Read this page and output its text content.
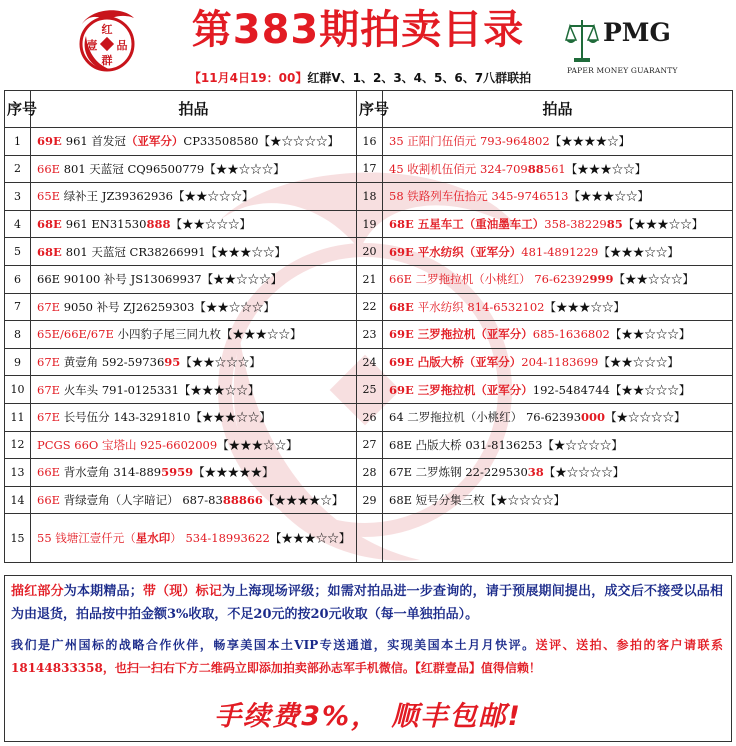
红
壹 品
群
第383期拍卖目录
【11月4日19：00】红群V、1、2、3、4、5、6、7八群联拍
PMG
PAPER MONEY GUARANTY
序号	拍品	序号	拍品
1	69E 961 首发冠（亚军分）CP33508580【★☆☆☆☆】	16	35 正阳门伍佰元 793-964802【★★★★☆】
2	66E 801 天蓝冠 CQ96500779【★★☆☆☆】	17	45 收割机伍佰元 324-70988561【★★★☆☆】
3	65E 绿补王 JZ39362936【★★☆☆☆】	18	58 铁路列车伍拾元 345-9746513【★★★☆☆】
4	68E 961 EN31530888【★★☆☆☆】	19	68E 五星车工（重油墨车工）358-3822985【★★★☆☆】
5	68E 801 天蓝冠 CR38266991【★★★☆☆】	20	69E 平水纺织（亚军分）481-4891229【★★★☆☆】
6	66E 90100 补号 JS13069937【★★☆☆☆】	21	66E 二罗拖拉机（小桃红） 76-62392999【★★☆☆☆】
7	67E 9050 补号 ZJ26259303【★★☆☆☆】	22	68E 平水纺织 814-6532102【★★★☆☆】
8	65E/66E/67E 小四豹子尾三同九枚【★★★☆☆】	23	69E 三罗拖拉机（亚军分）685-1636802【★★☆☆☆】
9	67E 黄壹角 592-5973695【★★☆☆☆】	24	69E 凸版大桥（亚军分）204-1183699【★★☆☆☆】
10	67E 火车头 791-0125331【★★★☆☆】	25	69E 三罗拖拉机（亚军分）192-5484744【★★☆☆☆】
11	67E 长号伍分 143-3291810【★★★☆☆】	26	64 二罗拖拉机（小桃红） 76-62393000【★☆☆☆☆】
12	PCGS 66O 宝塔山 925-6602009【★★★☆☆】	27	68E 凸版大桥 031-8136253【★☆☆☆☆】
13	66E 背水壹角 314-8895959【★★★★★】	28	67E 二罗炼钢 22-22953038【★☆☆☆☆】
14	66E 背绿壹角（人字暗记） 687-8388866【★★★★☆】	29	68E 短号分集三枚【★☆☆☆☆】
15	55 钱塘江壹仟元（星水印） 534-18993622【★★★☆☆】		
描红部分为本期精品；带（现）标记为上海现场评级；如需对拍品进一步查询的，请于预展期间提出，成交后不接受以品相为由退货，拍品按中拍金额3%收取，不足20元的按20元收取（每一单独拍品）。
我们是广州国标的战略合作伙伴，畅享美国本土VIP专送通道，实现美国本土月月快评。送评、送拍、参拍的客户请联系18144833358，也扫一扫右下方二维码立即添加拍卖部孙志军手机微信。【红群壹品】值得信赖！
手续费3%， 顺丰包邮!
